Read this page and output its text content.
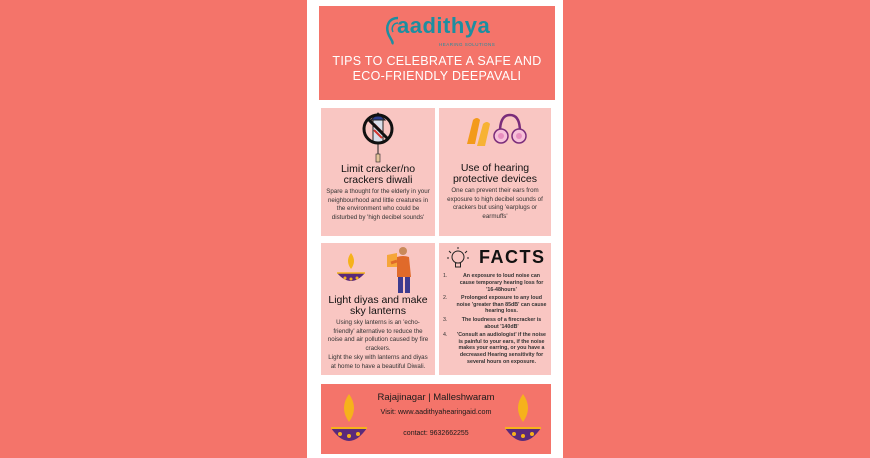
aadithya
HEARING SOLUTIONS
TIPS TO CELEBRATE A SAFE AND
ECO-FRIENDLY DEEPAVALI
Limit cracker/no
crackers diwali

Spare a thought for the elderly in your neighbourhood and little creatures in the environment who could be disturbed by 'high decibel sounds'

Use of hearing
protective devices

One can prevent their ears from exposure to high decibel sounds of crackers but using 'earplugs or earmuffs'

Light diyas and make
sky lanterns

Using sky lanterns is an 'echo-friendly' alternative to reduce the noise and air pollution caused by fire crackers.

Light the sky with lanterns and diyas at home to have a beautiful Diwali.

FACTS
1.	An exposure to loud noise can cause temporary hearing loss for '16-48hours'
2.	Prolonged exposure to any loud noise 'greater than 85dB' can cause hearing loss.
3.	The loudness of a firecracker is about '140dB'
4. 'Consult an audiologist' if the noise is painful to your ears, if the noise makes your earring, or you have a decreased Hearing sensitivity for several hours on exposure.
Rajajinagar | Malleshwaram
Visit: www.aadithyahearingaid.com
contact: 9632662255
